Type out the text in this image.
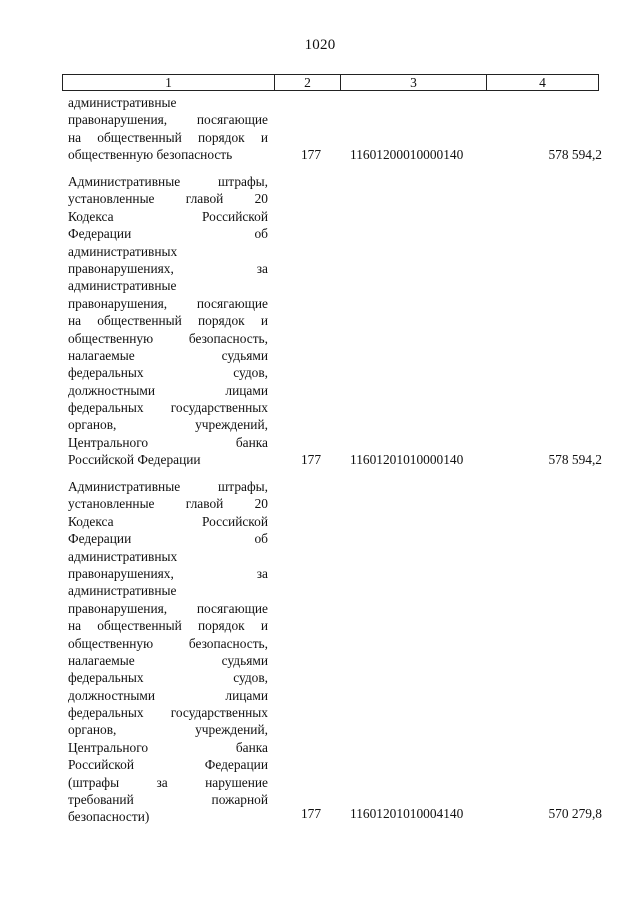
1020
1	2	3	4
административные
правонарушения, посягающие
на общественный порядок и
общественную безопасность	177	11601200010000140	578 594,2
Административные штрафы,
установленные главой 20
Кодекса Российской
Федерации об
административных
правонарушениях, за
административные
правонарушения, посягающие
на общественный порядок и
общественную безопасность,
налагаемые судьями
федеральных судов,
должностными лицами
федеральных государственных
органов, учреждений,
Центрального банка
Российской Федерации	177	11601201010000140	578 594,2
Административные штрафы,
установленные главой 20
Кодекса Российской
Федерации об
административных
правонарушениях, за
административные
правонарушения, посягающие
на общественный порядок и
общественную безопасность,
налагаемые судьями
федеральных судов,
должностными лицами
федеральных государственных
органов, учреждений,
Центрального банка
Российской Федерации
(штрафы за нарушение
требований пожарной
безопасности)	177	11601201010004140	570 279,8
